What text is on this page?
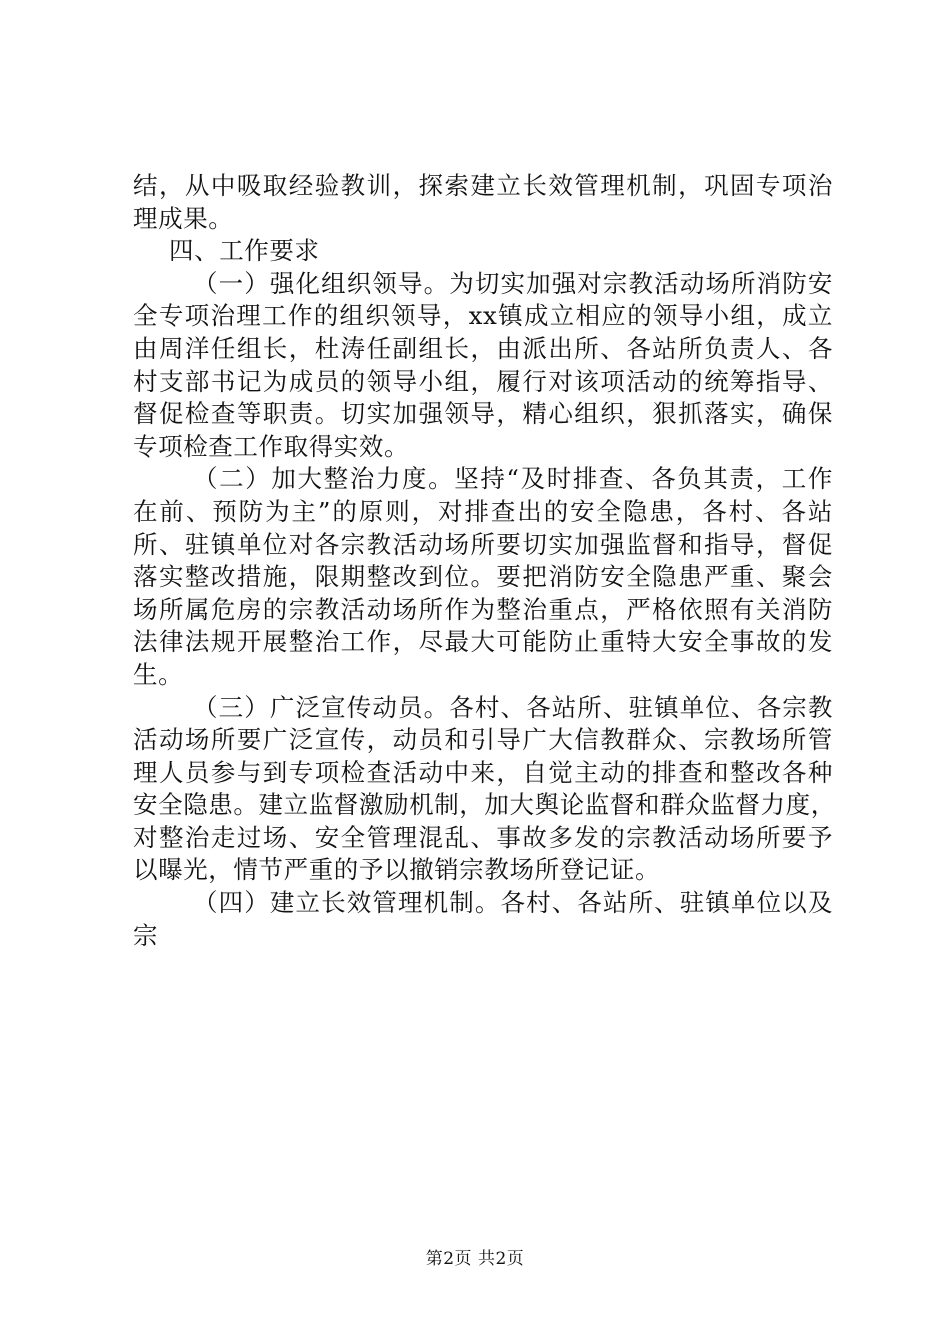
结，从中吸取经验教训，探索建立长效管理机制，巩固专项治
理成果。
四、工作要求
（一）强化组织领导。为切实加强对宗教活动场所消防安
全专项治理工作的组织领导，xx镇成立相应的领导小组，成立
由周洋任组长，杜涛任副组长，由派出所、各站所负责人、各
村支部书记为成员的领导小组，履行对该项活动的统筹指导、
督促检查等职责。切实加强领导，精心组织，狠抓落实，确保
专项检查工作取得实效。
（二）加大整治力度。坚持“及时排查、各负其责，工作
在前、预防为主”的原则，对排查出的安全隐患，各村、各站
所、驻镇单位对各宗教活动场所要切实加强监督和指导，督促
落实整改措施，限期整改到位。要把消防安全隐患严重、聚会
场所属危房的宗教活动场所作为整治重点，严格依照有关消防
法律法规开展整治工作，尽最大可能防止重特大安全事故的发
生。
（三）广泛宣传动员。各村、各站所、驻镇单位、各宗教
活动场所要广泛宣传，动员和引导广大信教群众、宗教场所管
理人员参与到专项检查活动中来，自觉主动的排查和整改各种
安全隐患。建立监督激励机制，加大舆论监督和群众监督力度，
对整治走过场、安全管理混乱、事故多发的宗教活动场所要予
以曝光，情节严重的予以撤销宗教场所登记证。
（四）建立长效管理机制。各村、各站所、驻镇单位以及
宗
第2页 共2页
